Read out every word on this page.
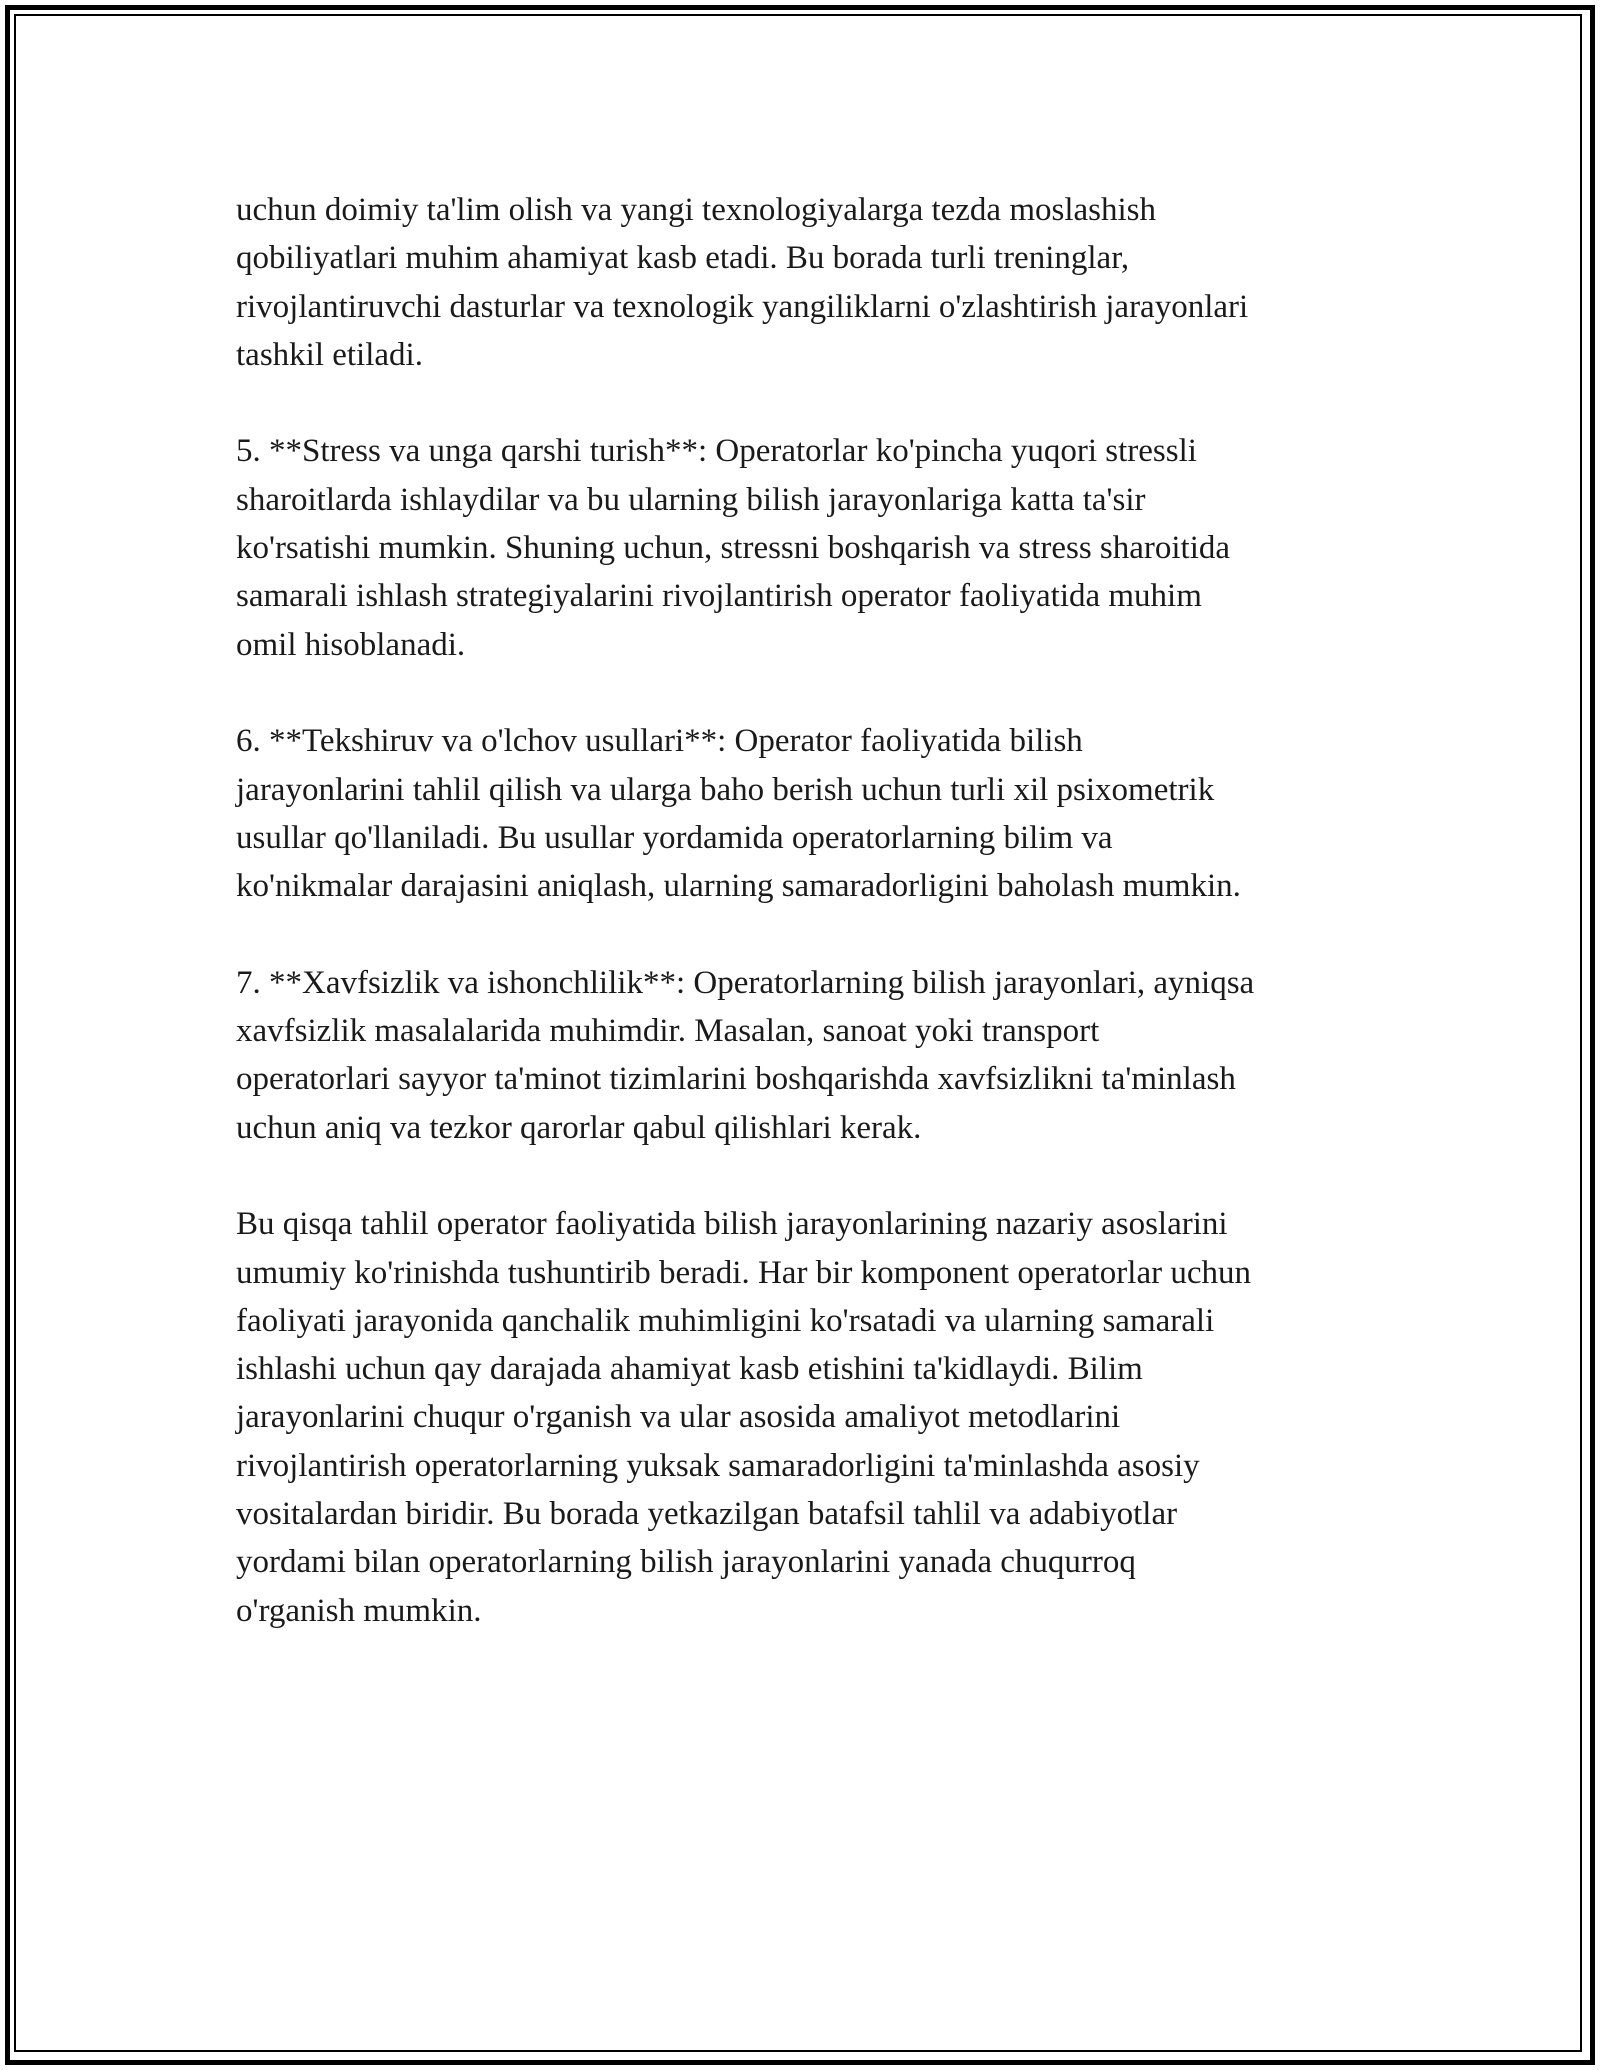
uchun doimiy ta'lim olish va yangi texnologiyalarga tezda moslashish
qobiliyatlari muhim ahamiyat kasb etadi. Bu borada turli treninglar,
rivojlantiruvchi dasturlar va texnologik yangiliklarni o'zlashtirish jarayonlari
tashkil etiladi.

5. **Stress va unga qarshi turish**: Operatorlar ko'pincha yuqori stressli
sharoitlarda ishlaydilar va bu ularning bilish jarayonlariga katta ta'sir
ko'rsatishi mumkin. Shuning uchun, stressni boshqarish va stress sharoitida
samarali ishlash strategiyalarini rivojlantirish operator faoliyatida muhim
omil hisoblanadi.

6. **Tekshiruv va o'lchov usullari**: Operator faoliyatida bilish
jarayonlarini tahlil qilish va ularga baho berish uchun turli xil psixometrik
usullar qo'llaniladi. Bu usullar yordamida operatorlarning bilim va
ko'nikmalar darajasini aniqlash, ularning samaradorligini baholash mumkin.

7. **Xavfsizlik va ishonchlilik**: Operatorlarning bilish jarayonlari, ayniqsa
xavfsizlik masalalarida muhimdir. Masalan, sanoat yoki transport
operatorlari sayyor ta'minot tizimlarini boshqarishda xavfsizlikni ta'minlash
uchun aniq va tezkor qarorlar qabul qilishlari kerak.

Bu qisqa tahlil operator faoliyatida bilish jarayonlarining nazariy asoslarini
umumiy ko'rinishda tushuntirib beradi. Har bir komponent operatorlar uchun
faoliyati jarayonida qanchalik muhimligini ko'rsatadi va ularning samarali
ishlashi uchun qay darajada ahamiyat kasb etishini ta'kidlaydi. Bilim
jarayonlarini chuqur o'rganish va ular asosida amaliyot metodlarini
rivojlantirish operatorlarning yuksak samaradorligini ta'minlashda asosiy
vositalardan biridir. Bu borada yetkazilgan batafsil tahlil va adabiyotlar
yordami bilan operatorlarning bilish jarayonlarini yanada chuqurroq
o'rganish mumkin.
